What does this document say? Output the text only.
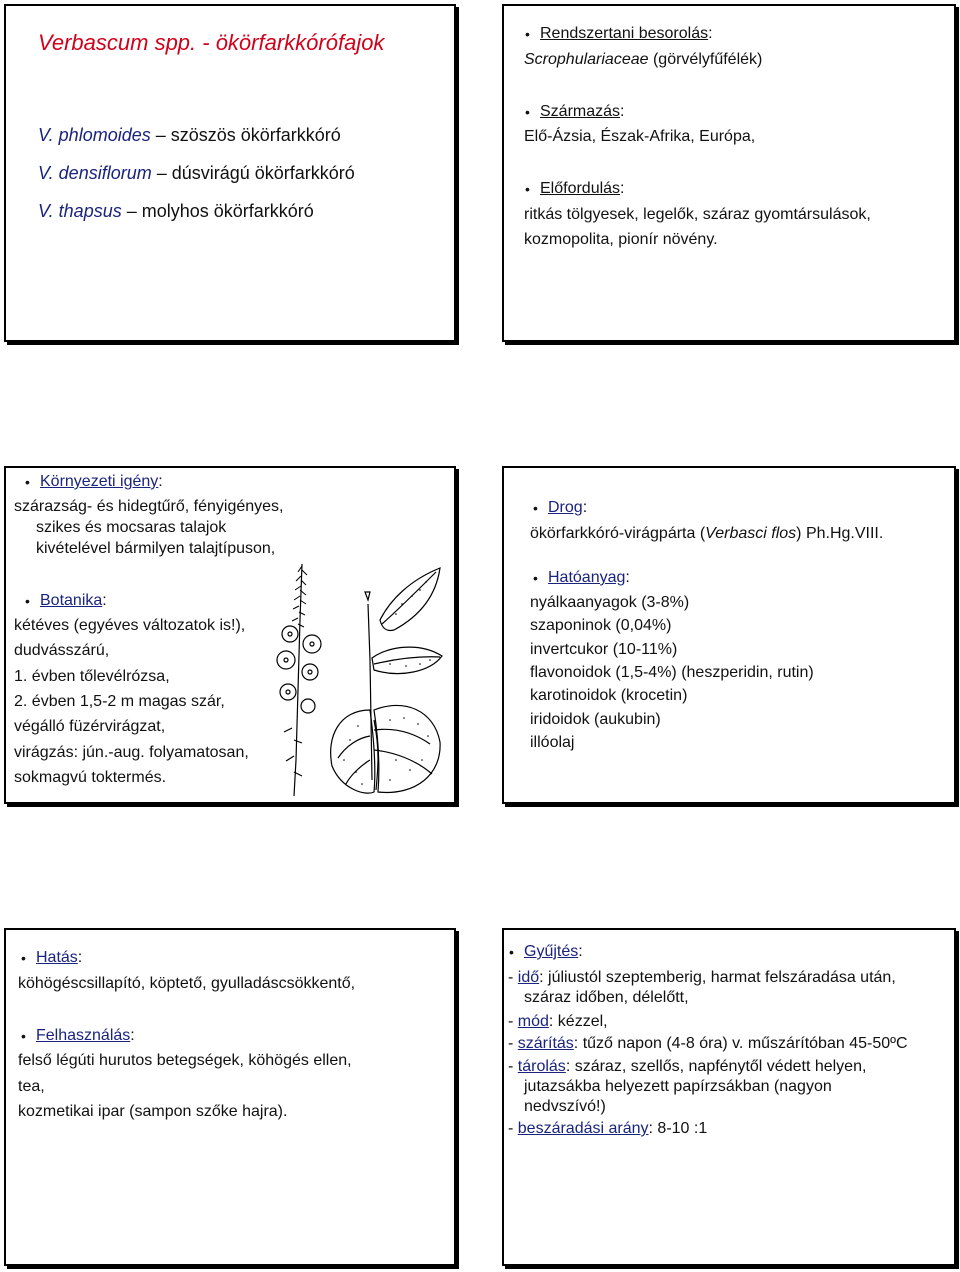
Verbascum spp. - ökörfarkkórófajok
V. phlomoides – szöszös ökörfarkkóró
V. densiflorum – dúsvirágú ökörfarkkóró
V. thapsus – molyhos ökörfarkkóró
• Rendszertani besorolás:
Scrophulariaceae (görvélyfűfélék)
• Származás:
Elő-Ázsia, Észak-Afrika, Európa,
• Előfordulás:
ritkás tölgyesek, legelők, száraz gyomtársulások,
kozmopolita, pionír növény.
• Környezeti igény:
szárazság- és hidegtűrő, fényigényes,
szikes és mocsaras talajok
kivételével bármilyen talajtípuson,
• Botanika:
kétéves (egyéves változatok is!),
dudvásszárú,
1. évben tőlevélrózsa,
2. évben 1,5-2 m magas szár,
végálló füzérvirágzat,
virágzás: jún.-aug. folyamatosan,
sokmagvú toktermés.
• Drog:
ökörfarkkóró-virágpárta (Verbasci flos) Ph.Hg.VIII.
• Hatóanyag:
nyálkaanyagok (3-8%)
szaponinok (0,04%)
invertcukor (10-11%)
flavonoidok (1,5-4%) (heszperidin, rutin)
karotinoidok (krocetin)
iridoidok (aukubin)
illóolaj
• Hatás:
köhögéscsillapító, köptető, gyulladáscsökkentő,
• Felhasználás:
felső légúti hurutos betegségek, köhögés ellen,
tea,
kozmetikai ipar (sampon szőke hajra).
• Gyűjtés:
- idő: júliustól szeptemberig, harmat felszáradása után,
száraz időben, délelőtt,
- mód: kézzel,
- szárítás: tűző napon (4-8 óra) v. műszárítóban 45-50ºC
- tárolás: száraz, szellős, napfénytől védett helyen,
jutazsákba helyezett papírzsákban (nagyon
nedvszívó!)
- beszáradási arány: 8-10 :1
